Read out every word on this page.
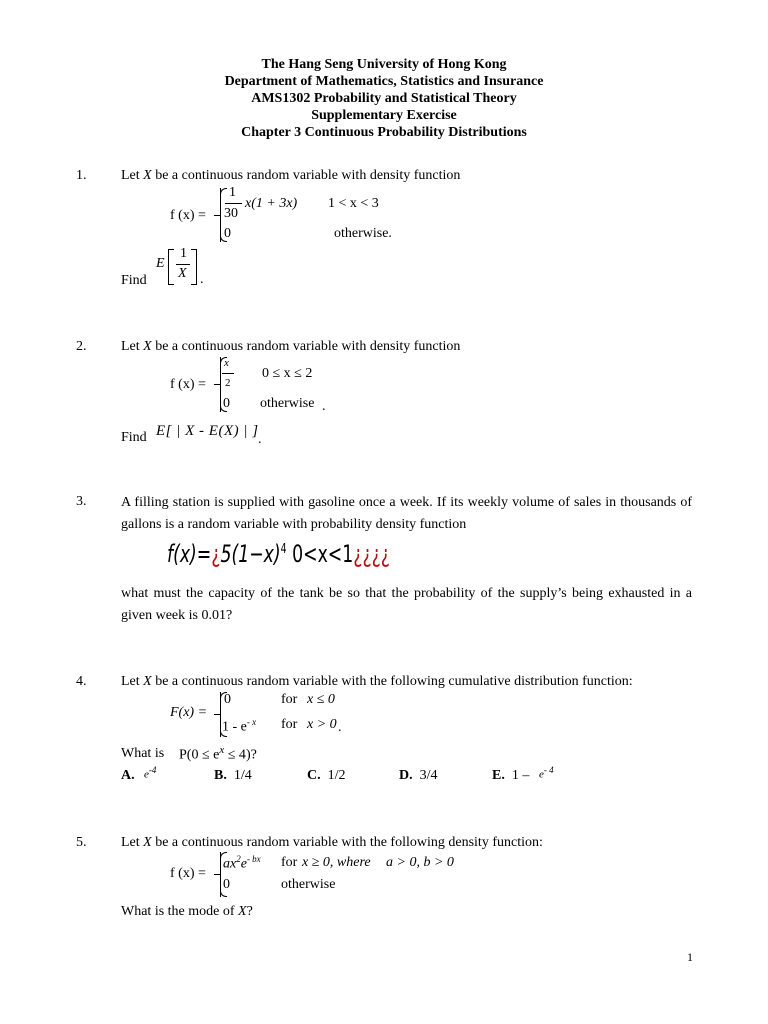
The Hang Seng University of Hong Kong
Department of Mathematics, Statistics and Insurance
AMS1302 Probability and Statistical Theory
Supplementary Exercise
Chapter 3 Continuous Probability Distributions
1. Let X be a continuous random variable with density function
f (x) =
1
30
x(1 + 3x) 1 < x < 3
0	otherwise.
Find
E
1
X .
2. Let X be a continuous random variable with density function
f (x) =
x
2
0 ≤ x ≤ 2
0 otherwise .
Find E[ | X - E(X) | ]
.
3. A filling station is supplied with gasoline once a week. If its weekly volume of sales in thousands of gallons is a random variable with probability density function
$f(x)=¿5(1-x)^4$ 0<x<1¿¿¿¿
what must the capacity of the tank be so that the probability of the supply’s being exhausted in a given week is 0.01?
4. Let X be a continuous random variable with the following cumulative distribution function:
F(x) =
0	for x ≤ 0
$1 - e^{- x}$ for x > 0 .
What is $P(0 \le e^x \le 4)$?
A. $e^{-4}$	B. 1/4	C. 1/2	D. 3/4	E. $1 - e^{- 4}$
5. Let X be a continuous random variable with the following density function:
f (x) =
$ax^2e^{- bx}$ for x ≥ 0, where a > 0, b > 0
0	otherwise
What is the mode of X?
1
